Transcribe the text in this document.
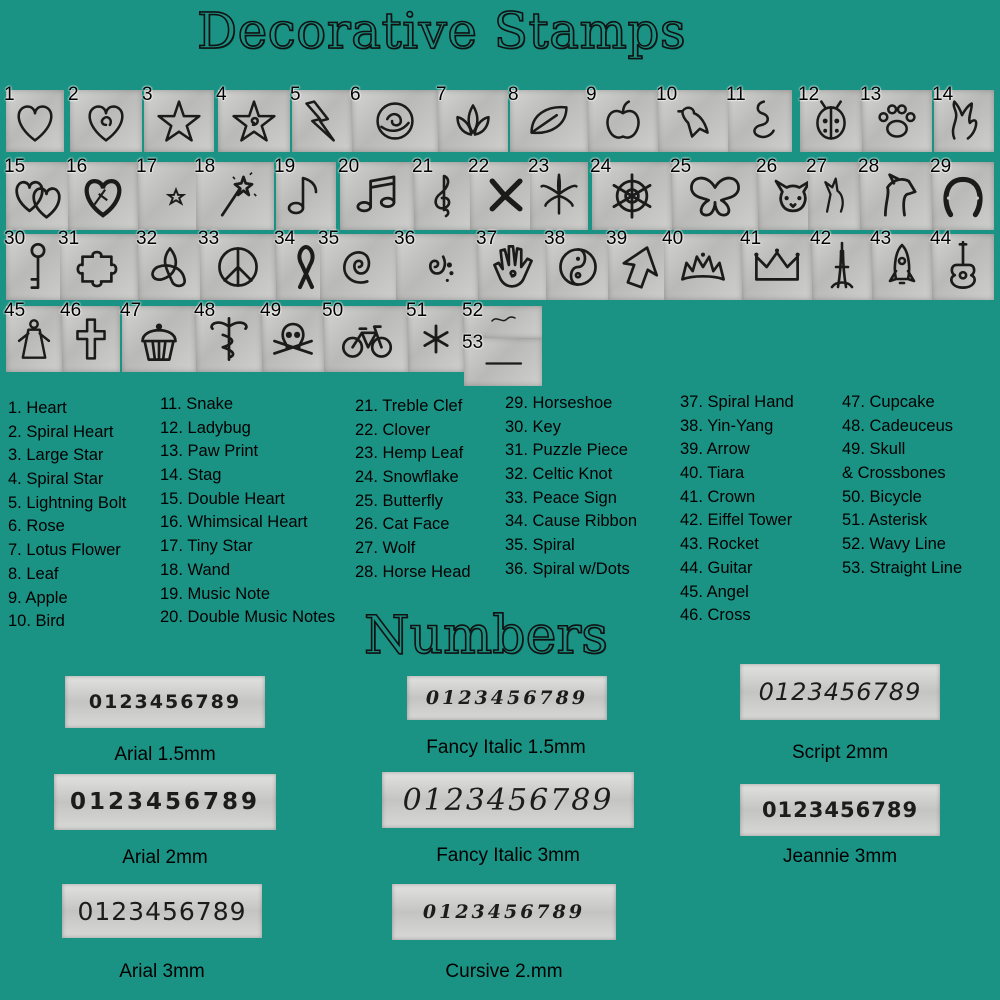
Decorative Stamps
1	2	3	4	5	6	7	8	9	10	11	12 13	14
15 16	17 18	19 20	21 22 23 24	25	26 27 28	29
30 31	32 33	34 35	36	37 38 39 40	41	42 43 44
45 46 47	48 49 50	51 52
53
1. Heart
2. Spiral Heart
3. Large Star
4. Spiral Star
5. Lightning Bolt
6. Rose
7. Lotus Flower
8. Leaf
9. Apple
10. Bird
11. Snake
12. Ladybug
13. Paw Print
14. Stag
15. Double Heart
16. Whimsical Heart
17. Tiny Star
18. Wand
19. Music Note
20. Double Music Notes
21. Treble Clef
22. Clover
23. Hemp Leaf
24. Snowflake
25. Butterfly
26. Cat Face
27. Wolf
28. Horse Head
29. Horseshoe
30. Key
31. Puzzle Piece
32. Celtic Knot
33. Peace Sign
34. Cause Ribbon
35. Spiral
36. Spiral w/Dots
37. Spiral Hand
38. Yin-Yang
39. Arrow
40. Tiara
41. Crown
42. Eiffel Tower
43. Rocket
44. Guitar
45. Angel
46. Cross
47. Cupcake
48. Cadeuceus
49. Skull
& Crossbones
50. Bicycle
51. Asterisk
52. Wavy Line
53. Straight Line
Numbers
0123456789
Arial 1.5mm
0123456789
Fancy Italic 1.5mm
0123456789
Script 2mm
0123456789
Arial 2mm
0123456789
Fancy Italic 3mm
0123456789
Jeannie 3mm
0123456789
Arial 3mm
0123456789
Cursive 2.mm
